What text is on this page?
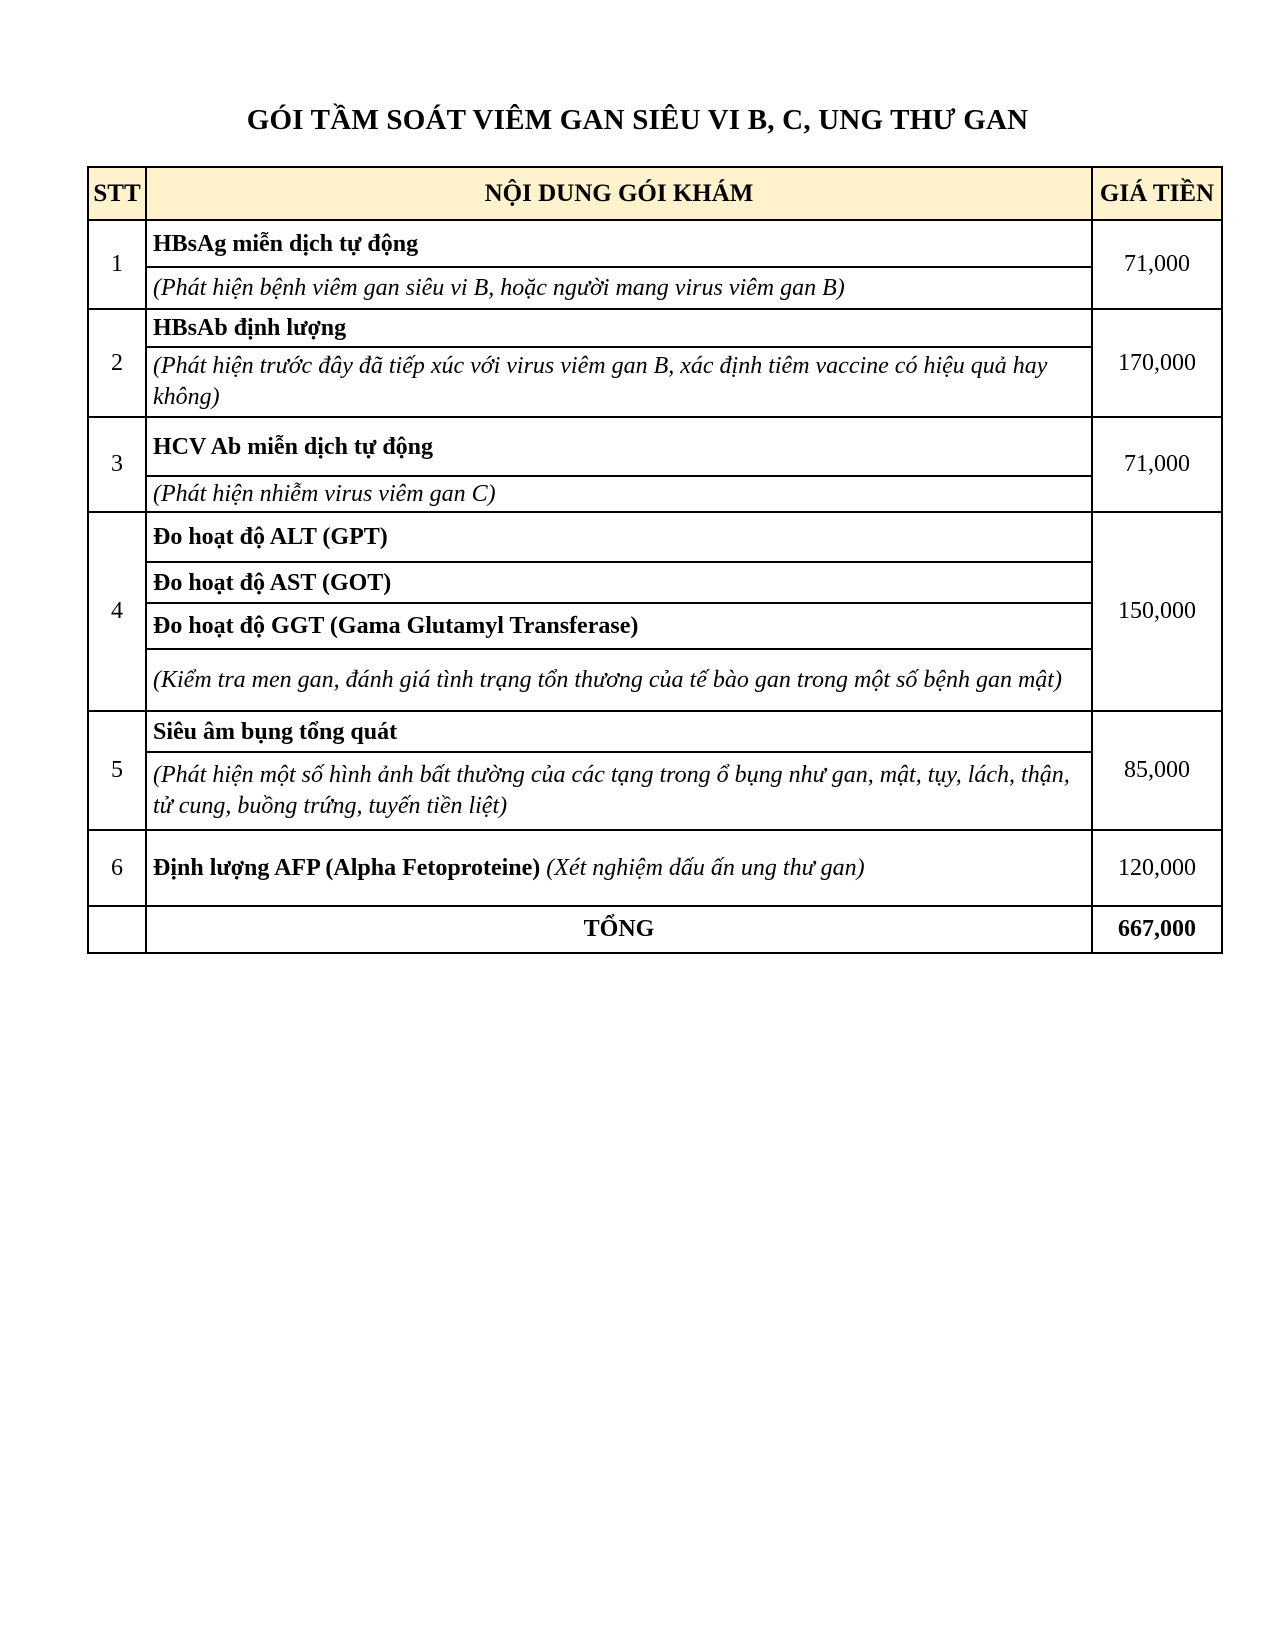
GÓI TẦM SOÁT VIÊM GAN SIÊU VI B, C, UNG THƯ GAN
STT	NỘI DUNG GÓI KHÁM	GIÁ TIỀN
1	HBsAg miễn dịch tự động	71,000
	(Phát hiện bệnh viêm gan siêu vi B, hoặc người mang virus viêm gan B)	
2	HBsAb định lượng	170,000
	(Phát hiện trước đây đã tiếp xúc với virus viêm gan B, xác định tiêm vaccine có hiệu quả hay không)	
3	HCV Ab miễn dịch tự động	71,000
	(Phát hiện nhiễm virus viêm gan C)	
4	Đo hoạt độ ALT (GPT)	150,000
	Đo hoạt độ AST (GOT)	
	Đo hoạt độ GGT (Gama Glutamyl Transferase)	
	(Kiểm tra men gan, đánh giá tình trạng tổn thương của tế bào gan trong một số bệnh gan mật)	
5	Siêu âm bụng tổng quát	85,000
	(Phát hiện một số hình ảnh bất thường của các tạng trong ổ bụng như gan, mật, tụy, lách, thận, tử cung, buồng trứng, tuyến tiền liệt)	
6	Định lượng AFP (Alpha Fetoproteine) (Xét nghiệm dấu ấn ung thư gan)	120,000
	TỔNG	667,000
